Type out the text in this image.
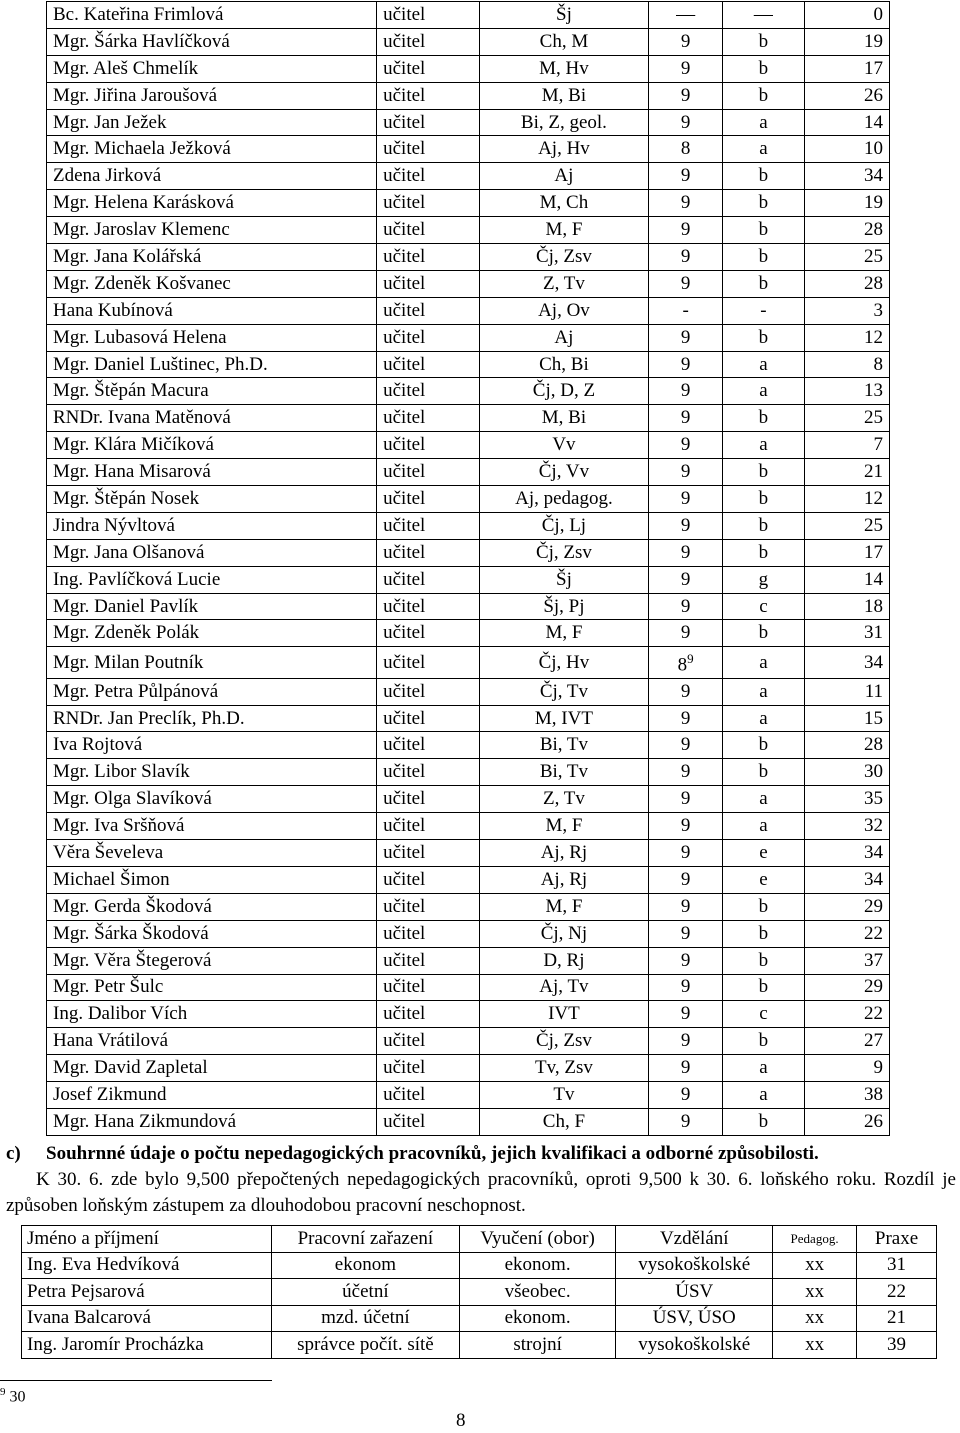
Bc. Kateřina Frimlová	učitel	Šj	—	—	0
Mgr. Šárka Havlíčková	učitel	Ch, M	9	b	19
Mgr. Aleš Chmelík	učitel	M, Hv	9	b	17
Mgr. Jiřina Jaroušová	učitel	M, Bi	9	b	26
Mgr. Jan Ježek	učitel	Bi, Z, geol.	9	a	14
Mgr. Michaela Ježková	učitel	Aj, Hv	8	a	10
Zdena Jirková	učitel	Aj	9	b	34
Mgr. Helena Karásková	učitel	M, Ch	9	b	19
Mgr. Jaroslav Klemenc	učitel	M, F	9	b	28
Mgr. Jana Kolářská	učitel	Čj, Zsv	9	b	25
Mgr. Zdeněk Košvanec	učitel	Z, Tv	9	b	28
Hana Kubínová	učitel	Aj, Ov	-	-	3
Mgr. Lubasová Helena	učitel	Aj	9	b	12
Mgr. Daniel Luštinec, Ph.D.	učitel	Ch, Bi	9	a	8
Mgr. Štěpán Macura	učitel	Čj, D, Z	9	a	13
RNDr. Ivana Matěnová	učitel	M, Bi	9	b	25
Mgr. Klára Mičíková	učitel	Vv	9	a	7
Mgr. Hana Misarová	učitel	Čj, Vv	9	b	21
Mgr. Štěpán Nosek	učitel	Aj, pedagog.	9	b	12
Jindra Nývltová	učitel	Čj, Lj	9	b	25
Mgr. Jana Olšanová	učitel	Čj, Zsv	9	b	17
Ing. Pavlíčková Lucie	učitel	Šj	9	g	14
Mgr. Daniel Pavlík	učitel	Šj, Pj	9	c	18
Mgr. Zdeněk Polák	učitel	M, F	9	b	31
Mgr. Milan Poutník	učitel	Čj, Hv	$8^9$	a	34
Mgr. Petra Půlpánová	učitel	Čj, Tv	9	a	11
RNDr. Jan Preclík, Ph.D.	učitel	M, IVT	9	a	15
Iva Rojtová	učitel	Bi, Tv	9	b	28
Mgr. Libor Slavík	učitel	Bi, Tv	9	b	30
Mgr. Olga Slavíková	učitel	Z, Tv	9	a	35
Mgr. Iva Sršňová	učitel	M, F	9	a	32
Věra Ševeleva	učitel	Aj, Rj	9	e	34
Michael Šimon	učitel	Aj, Rj	9	e	34
Mgr. Gerda Škodová	učitel	M, F	9	b	29
Mgr. Šárka Škodová	učitel	Čj, Nj	9	b	22
Mgr. Věra Štegerová	učitel	D, Rj	9	b	37
Mgr. Petr Šulc	učitel	Aj, Tv	9	b	29
Ing. Dalibor Vích	učitel	IVT	9	c	22
Hana Vrátilová	učitel	Čj, Zsv	9	b	27
Mgr. David Zapletal	učitel	Tv, Zsv	9	a	9
Josef Zikmund	učitel	Tv	9	a	38
Mgr. Hana Zikmundová	učitel	Ch, F	9	b	26
c)	Souhrnné údaje o počtu nepedagogických pracovníků, jejich kvalifikaci a odborné způsobilosti.
K 30. 6. zde bylo 9,500 přepočtených nepedagogických pracovníků, oproti 9,500 k 30. 6. loňského roku. Rozdíl je způsoben loňským zástupem za dlouhodobou pracovní neschopnost.
Jméno a příjmení	Pracovní zařazení	Vyučení (obor)	Vzdělání	Pedagog.	Praxe
Ing. Eva Hedvíková	ekonom	ekonom.	vysokoškolské	xx	31
Petra Pejsarová	účetní	všeobec.	ÚSV	xx	22
Ivana Balcarová	mzd. účetní	ekonom.	ÚSV, ÚSO	xx	21
Ing. Jaromír Procházka	správce počít. sítě	strojní	vysokoškolské	xx	39
$^9$ 30
8
